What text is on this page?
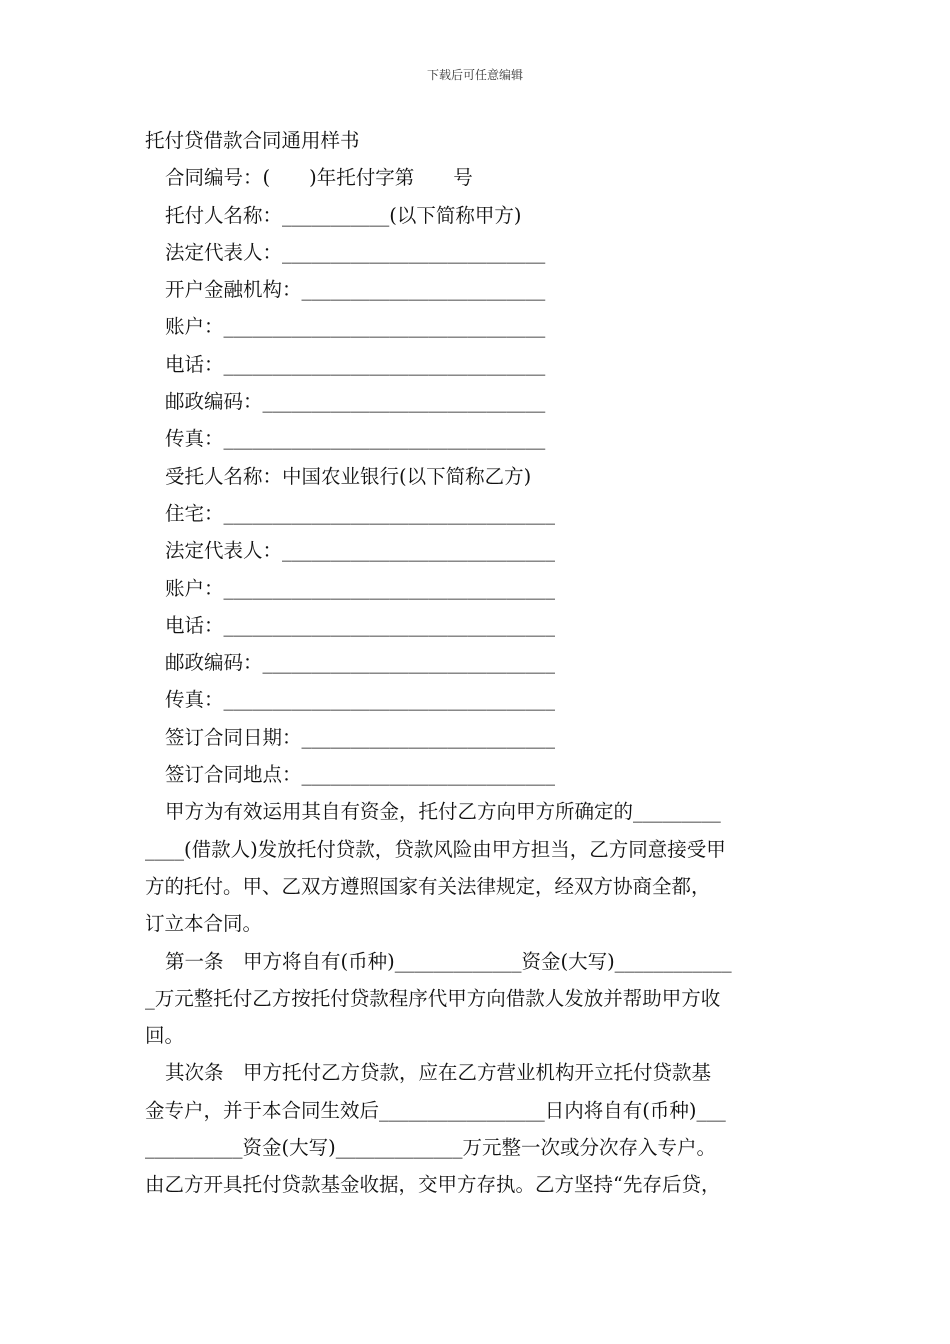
下载后可任意编辑
托付贷借款合同通用样书
合同编号：(　　)年托付字第　　号
托付人名称：___________(以下简称甲方)
法定代表人：___________________________
开户金融机构：_________________________
账户：_________________________________
电话：_________________________________
邮政编码：_____________________________
传真：_________________________________
受托人名称：中国农业银行(以下简称乙方)
住宅：__________________________________
法定代表人：____________________________
账户：__________________________________
电话：__________________________________
邮政编码：______________________________
传真：__________________________________
签订合同日期：__________________________
签订合同地点：__________________________
甲方为有效运用其自有资金，托付乙方向甲方所确定的_________
____(借款人)发放托付贷款，贷款风险由甲方担当，乙方同意接受甲
方的托付。甲、乙双方遵照国家有关法律规定，经双方协商全都，
订立本合同。
第一条　甲方将自有(币种)_____________资金(大写)____________
_万元整托付乙方按托付贷款程序代甲方向借款人发放并帮助甲方收
回。
其次条　甲方托付乙方贷款，应在乙方营业机构开立托付贷款基
金专户，并于本合同生效后_________________日内将自有(币种)___
__________资金(大写)_____________万元整一次或分次存入专户。
由乙方开具托付贷款基金收据，交甲方存执。乙方坚持“先存后贷，
